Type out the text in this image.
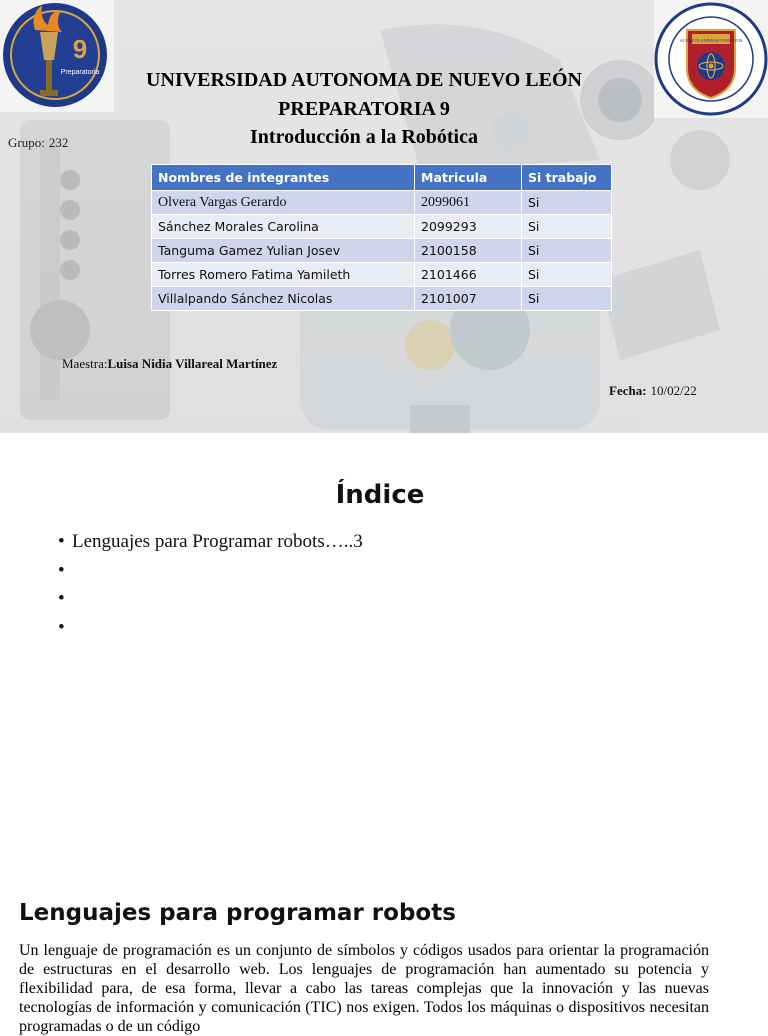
9
Preparatoria
ALERE FLAMMAM VERITATIS
UNIVERSIDAD AUTONOMA DE NUEVO LEÓN
PREPARATORIA 9
Introducción a la Robótica
Grupo: 232
Nombres de integrantes	Matricula	Si trabajo
Olvera Vargas Gerardo	2099061	Si
Sánchez Morales Carolina	2099293	Si
Tanguma Gamez Yulian Josev	2100158	Si
Torres Romero Fatima Yamileth	2101466	Si
Villalpando Sánchez Nicolas	2101007	Si
Maestra:Luisa Nidia Villareal Martínez
Fecha: 10/02/22
Índice
• Lenguajes para Programar robots…..3
•
•
•
Lenguajes para programar robots
Un lenguaje de programación es un conjunto de símbolos y códigos usados para orientar la programación de estructuras en el desarrollo web. Los lenguajes de programación han aumentado su potencia y flexibilidad para, de esa forma, llevar a cabo las tareas complejas que la innovación y las nuevas tecnologías de información y comunicación (TIC) nos exigen. Todos los máquinas o dispositivos necesitan programadas o de un código
